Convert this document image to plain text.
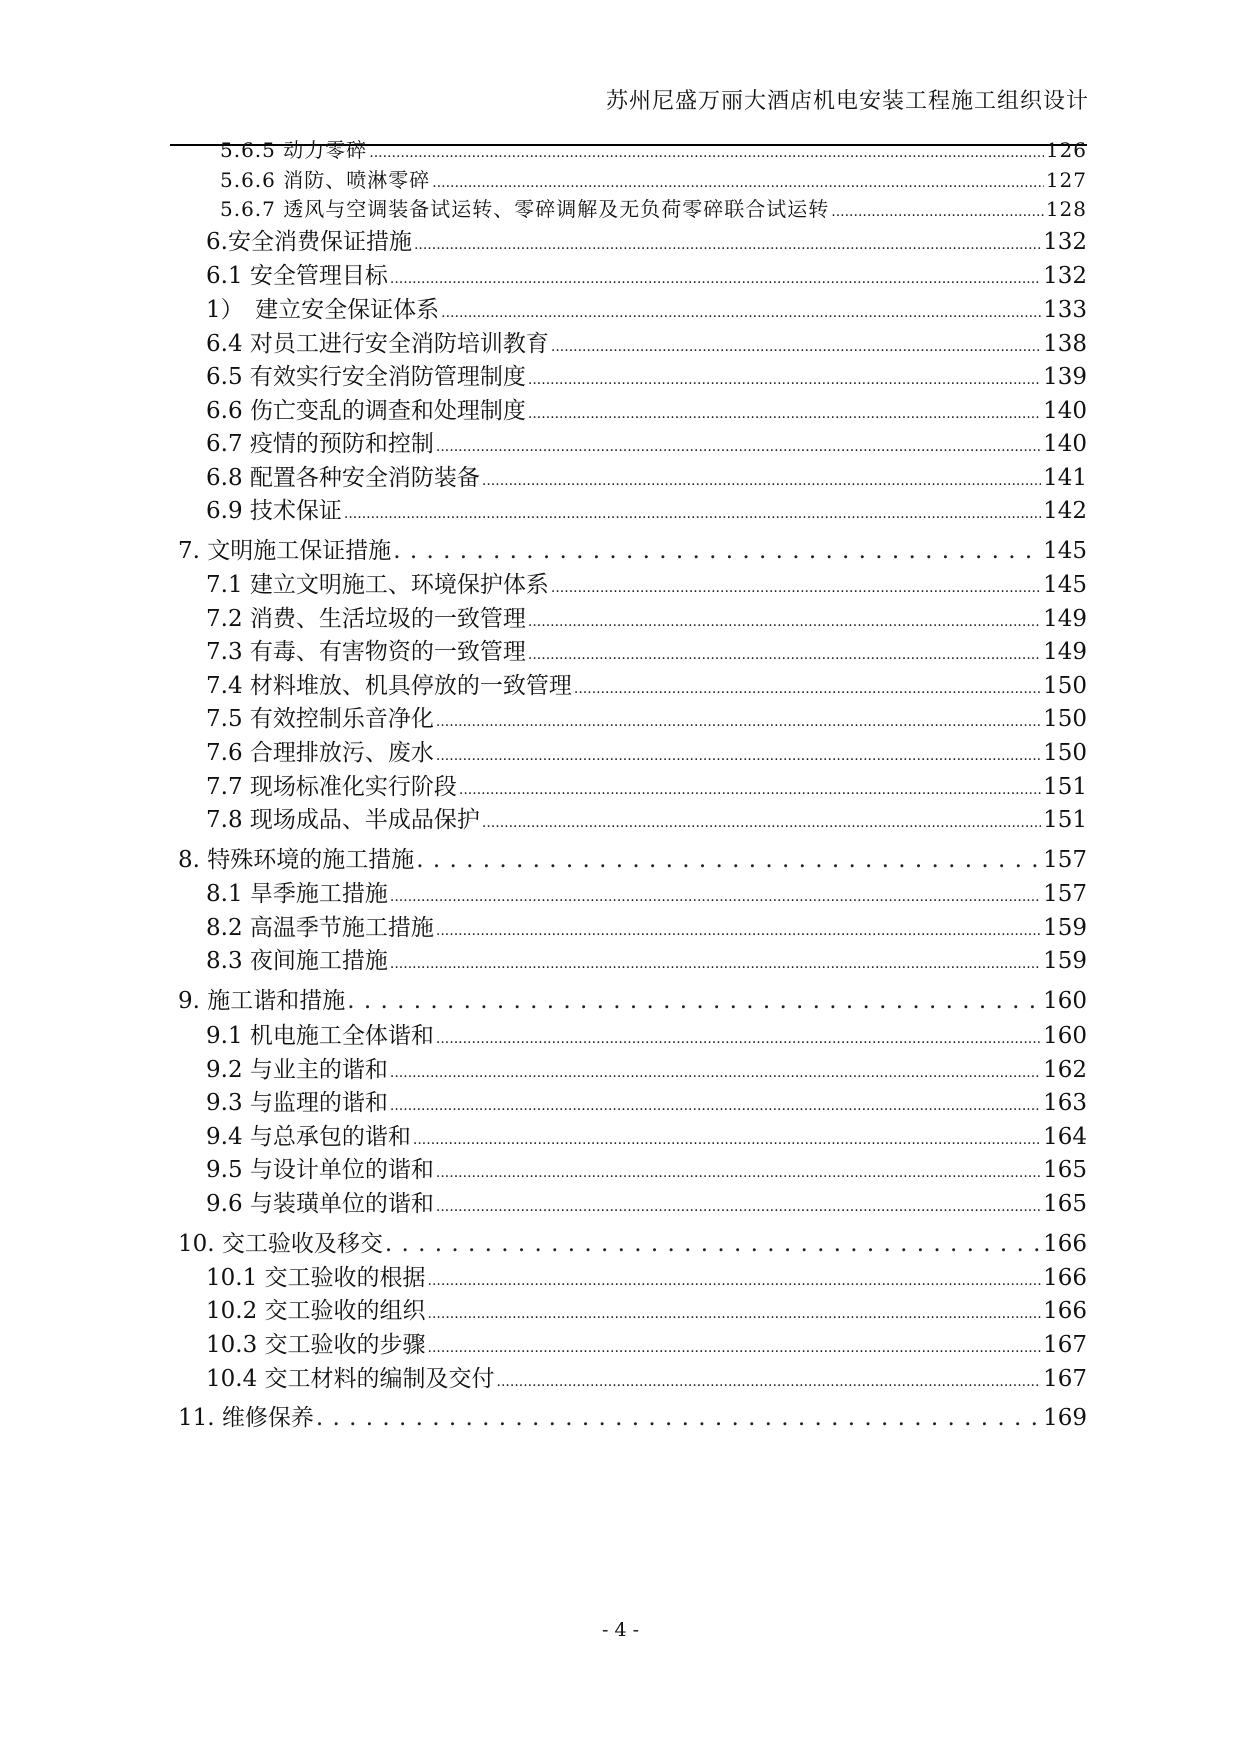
苏州尼盛万丽大酒店机电安装工程施工组织设计
5.6.5 动力零碎 .....	126
5.6.6 消防、喷淋零碎 .....	127
5.6.7 透风与空调装备试运转、零碎调解及无负荷零碎联合试运转 .....	128
6.安全消费保证措施 .....	132
6.1 安全管理目标 .....	132
1）　建立安全保证体系 .....	133
6.4 对员工进行安全消防培训教育 .....	138
6.5 有效实行安全消防管理制度 .....	139
6.6 伤亡变乱的调查和处理制度 .....	140
6.7 疫情的预防和控制 .....	140
6.8 配置各种安全消防装备 .....	141
6.9 技术保证 .....	142
7. 文明施工保证措施 . . .	145
7.1 建立文明施工、环境保护体系 .....	145
7.2 消费、生活垃圾的一致管理 .....	149
7.3 有毒、有害物资的一致管理 .....	149
7.4 材料堆放、机具停放的一致管理 .....	150
7.5 有效控制乐音净化 .....	150
7.6 合理排放污、废水 .....	150
7.7 现场标准化实行阶段 .....	151
7.8 现场成品、半成品保护 .....	151
8. 特殊环境的施工措施 . . .	157
8.1 旱季施工措施 .....	157
8.2 高温季节施工措施 .....	159
8.3 夜间施工措施 .....	159
9. 施工谐和措施 . . .	160
9.1 机电施工全体谐和 .....	160
9.2 与业主的谐和 .....	162
9.3 与监理的谐和 .....	163
9.4 与总承包的谐和 .....	164
9.5 与设计单位的谐和 .....	165
9.6 与装璜单位的谐和 .....	165
10. 交工验收及移交 . . .	166
10.1 交工验收的根据 .....	166
10.2 交工验收的组织 .....	166
10.3 交工验收的步骤 .....	167
10.4 交工材料的编制及交付 .....	167
11. 维修保养 . . .	169
- 4 -
